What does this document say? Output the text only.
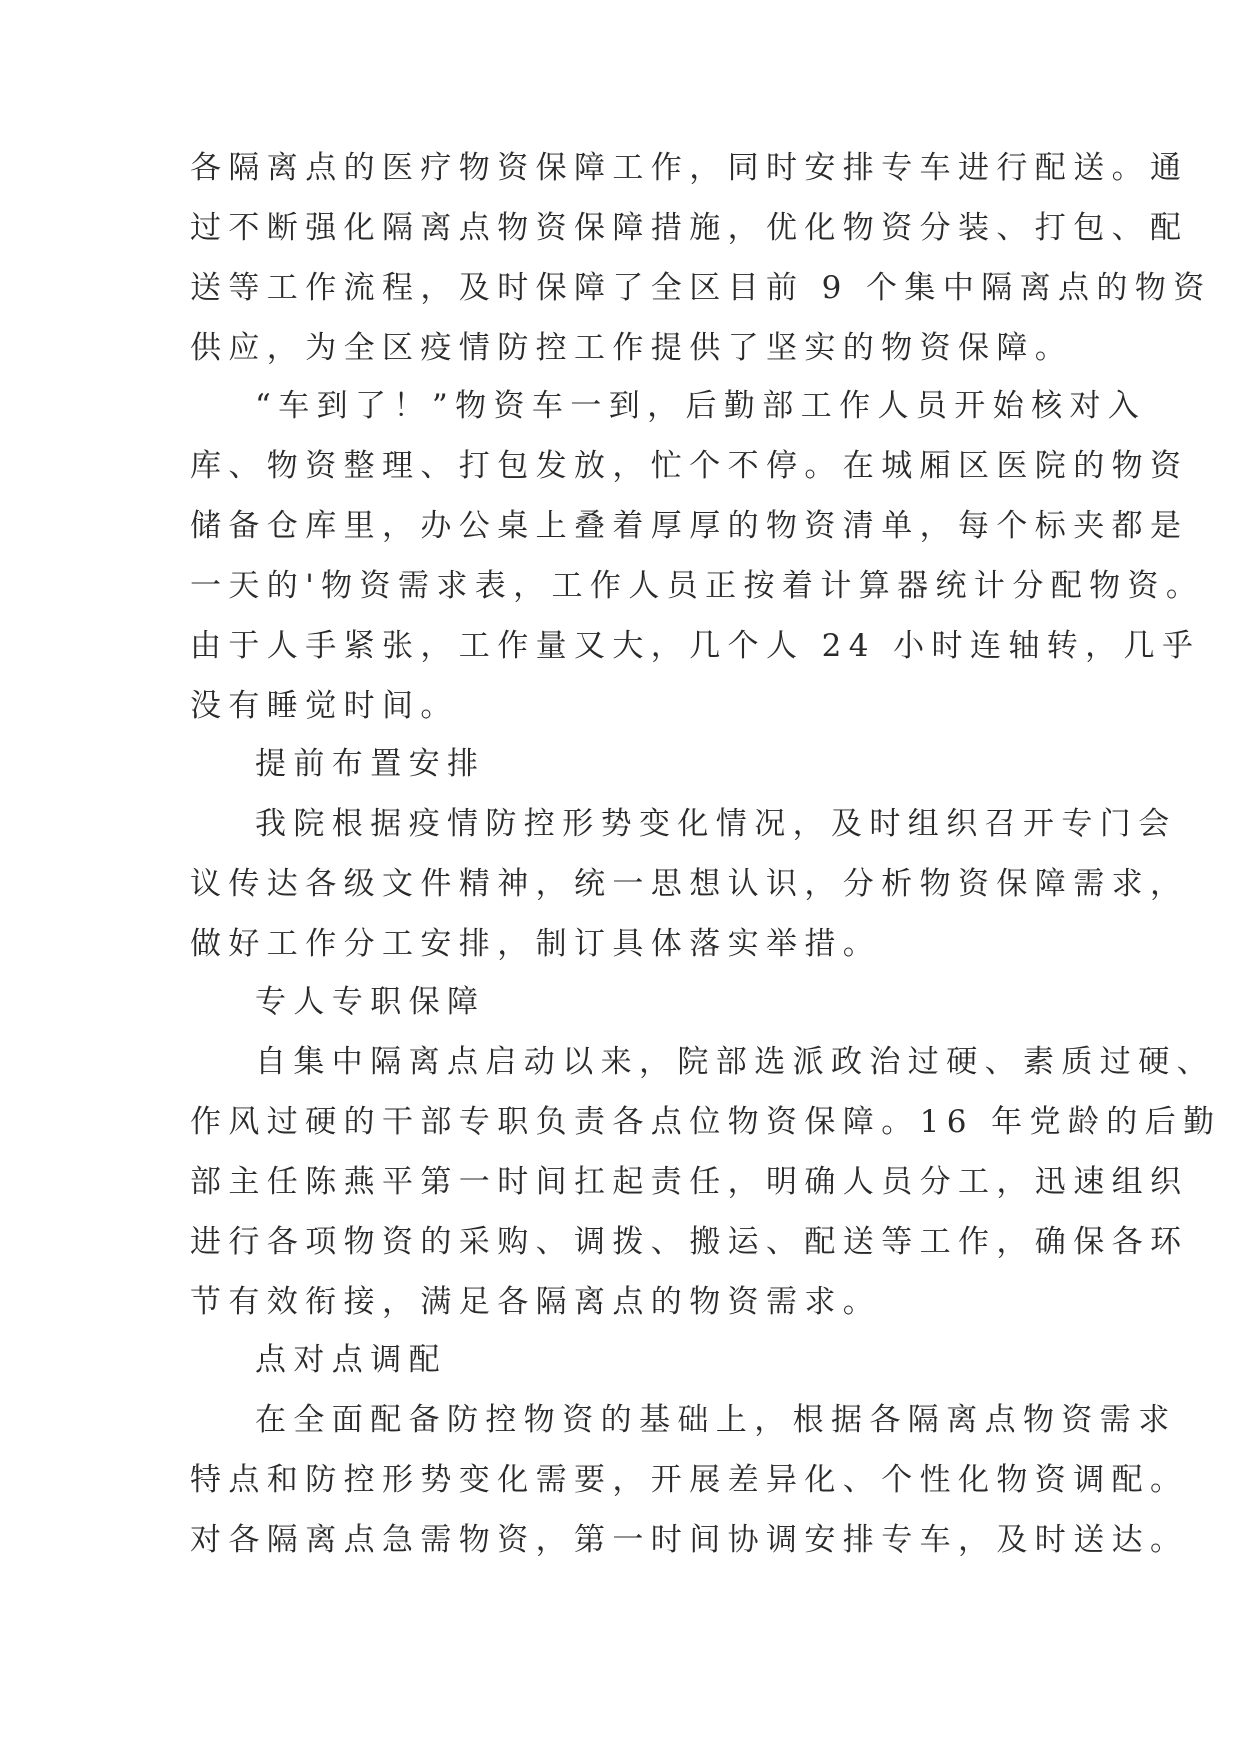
各隔离点的医疗物资保障工作，同时安排专车进行配送。通
过不断强化隔离点物资保障措施，优化物资分装、打包、配
送等工作流程，及时保障了全区目前 9 个集中隔离点的物资
供应，为全区疫情防控工作提供了坚实的物资保障。
“车到了！”物资车一到，后勤部工作人员开始核对入
库、物资整理、打包发放，忙个不停。在城厢区医院的物资
储备仓库里，办公桌上叠着厚厚的物资清单，每个标夹都是
一天的'物资需求表，工作人员正按着计算器统计分配物资。
由于人手紧张，工作量又大，几个人 24 小时连轴转，几乎
没有睡觉时间。
提前布置安排
我院根据疫情防控形势变化情况，及时组织召开专门会
议传达各级文件精神，统一思想认识，分析物资保障需求，
做好工作分工安排，制订具体落实举措。
专人专职保障
自集中隔离点启动以来，院部选派政治过硬、素质过硬、
作风过硬的干部专职负责各点位物资保障。16 年党龄的后勤
部主任陈燕平第一时间扛起责任，明确人员分工，迅速组织
进行各项物资的采购、调拨、搬运、配送等工作，确保各环
节有效衔接，满足各隔离点的物资需求。
点对点调配
在全面配备防控物资的基础上，根据各隔离点物资需求
特点和防控形势变化需要，开展差异化、个性化物资调配。
对各隔离点急需物资，第一时间协调安排专车，及时送达。
